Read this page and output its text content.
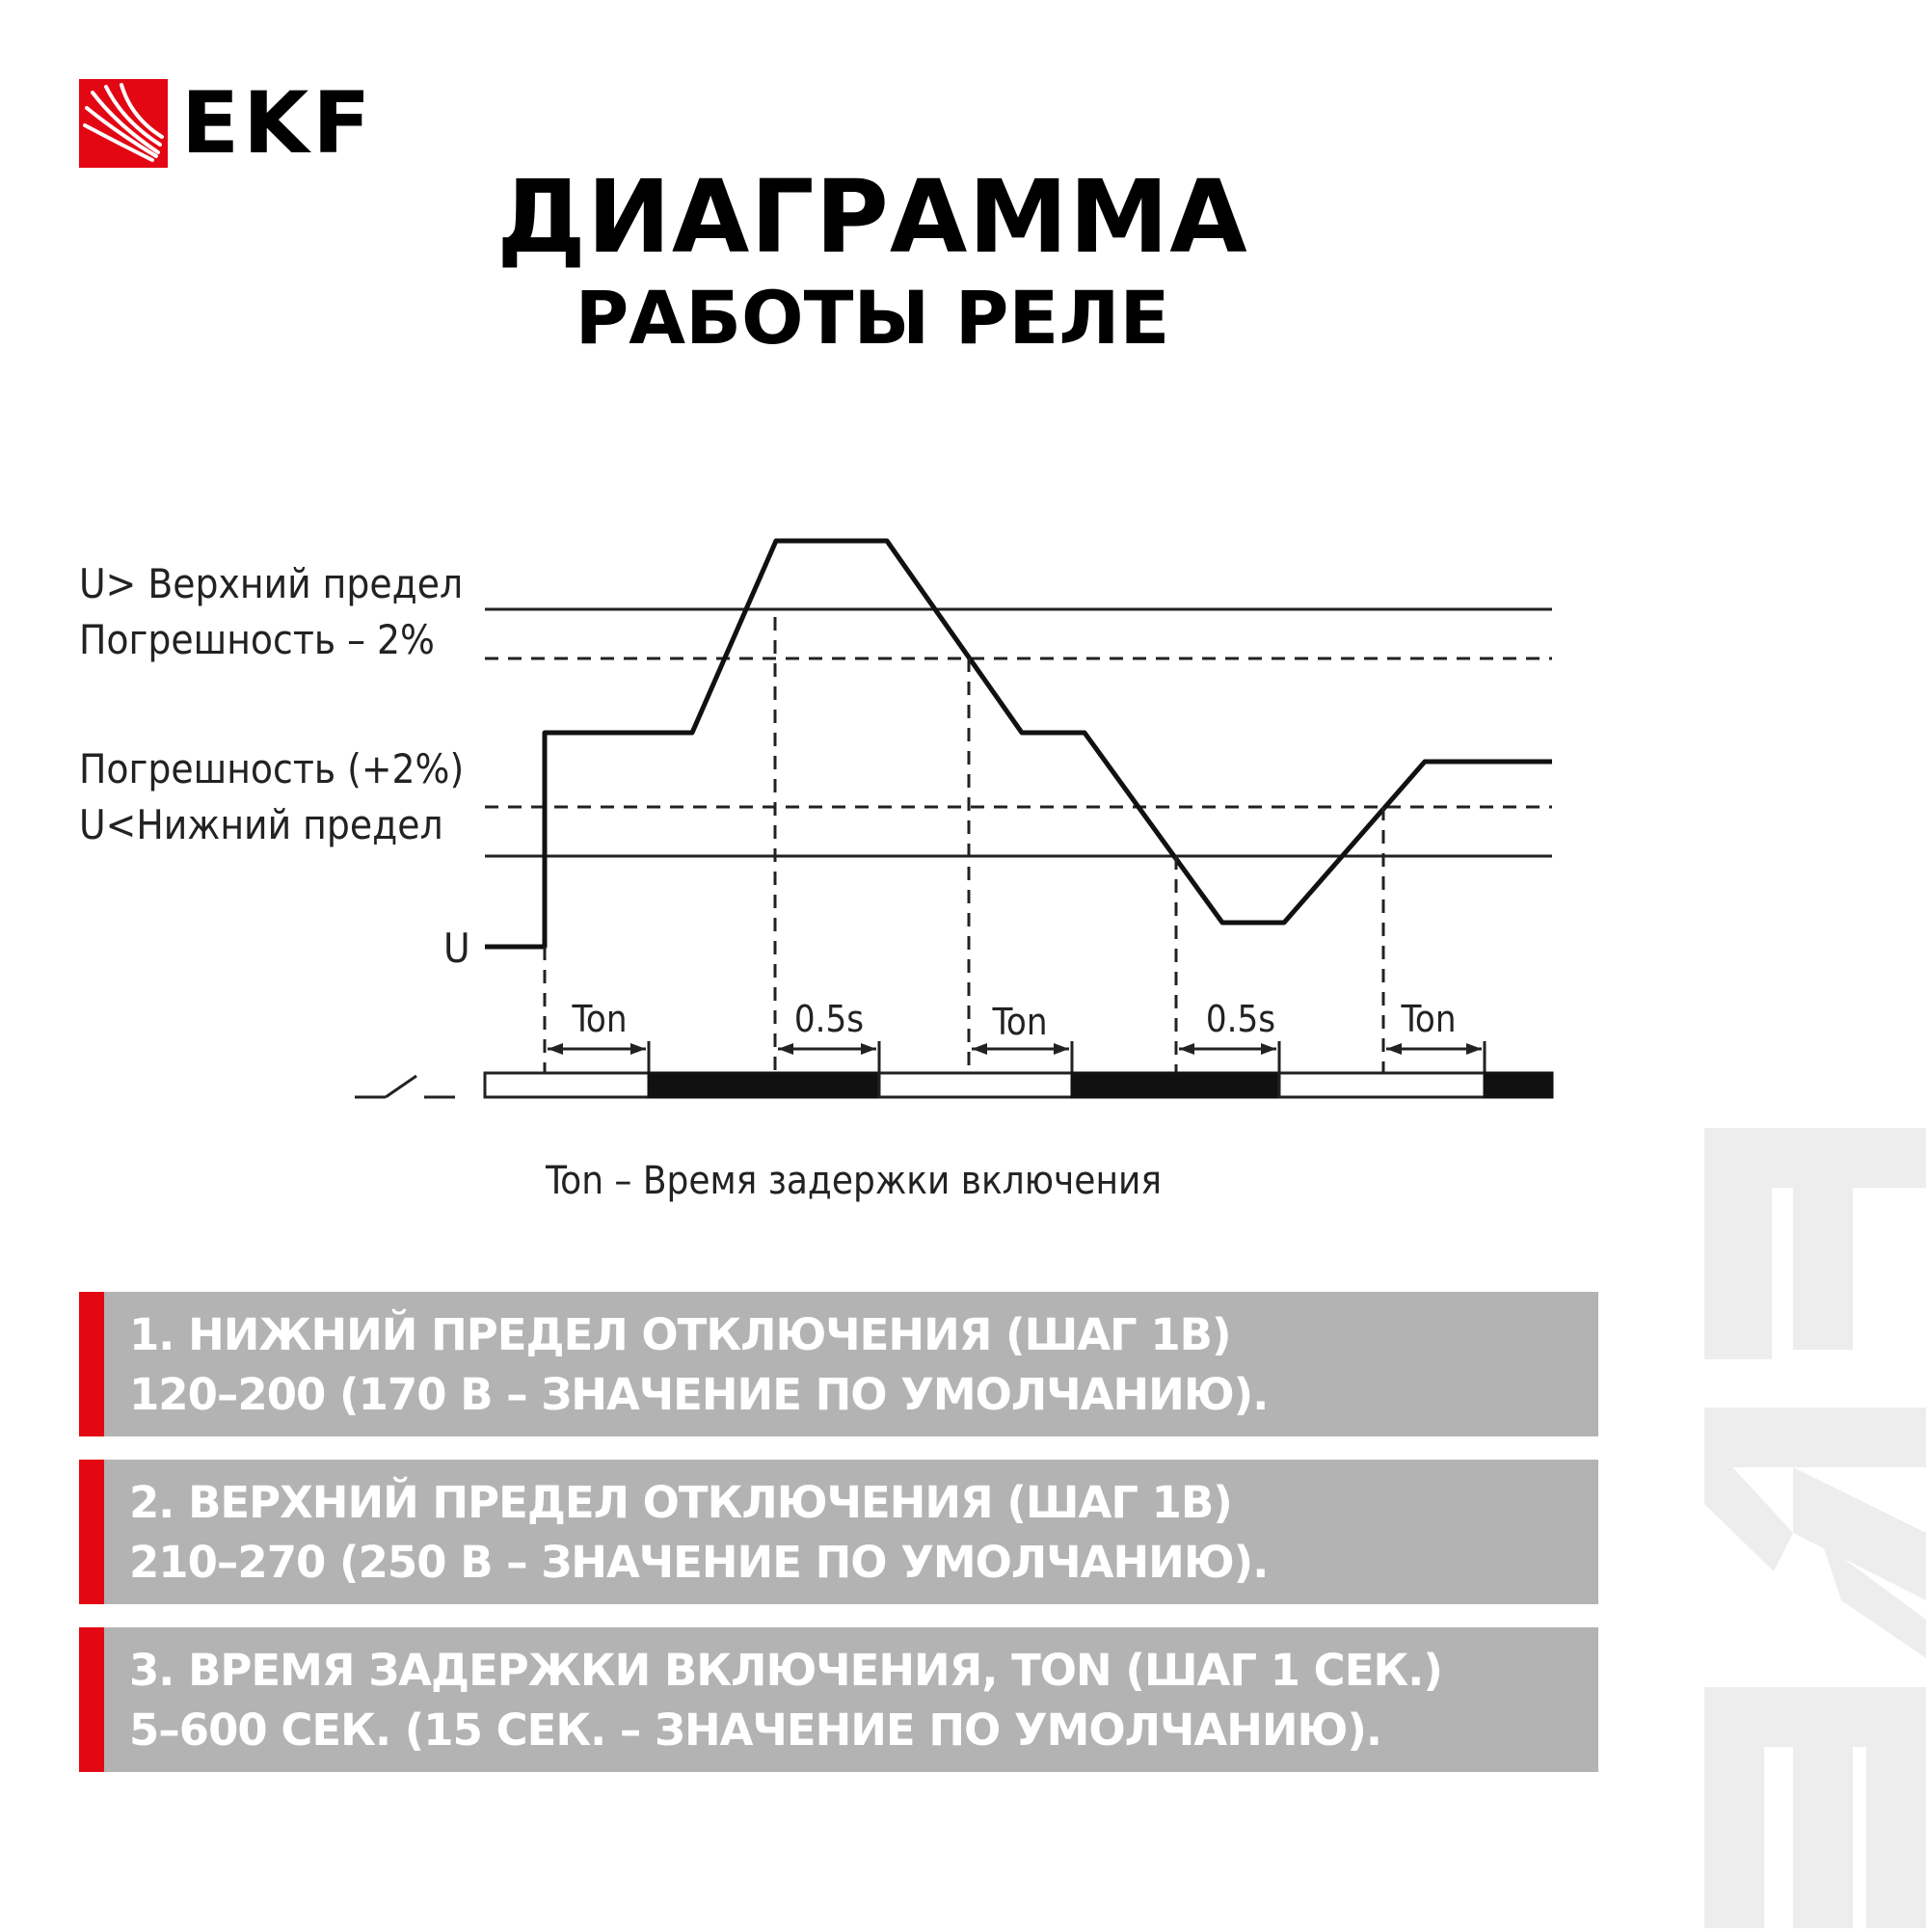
EKF
ДИАГРАММА
РАБОТЫ РЕЛЕ
U> Верхний предел
Погрешность – 2%
Погрешность (+2%)
U<Нижний предел
U
Ton	0.5s	Ton	0.5s	Ton
Ton – Время задержки включения
1. НИЖНИЙ ПРЕДЕЛ ОТКЛЮЧЕНИЯ (ШАГ 1В)
120–200 (170 В – ЗНАЧЕНИЕ ПО УМОЛЧАНИЮ).
2. ВЕРХНИЙ ПРЕДЕЛ ОТКЛЮЧЕНИЯ (ШАГ 1В)
210–270 (250 В – ЗНАЧЕНИЕ ПО УМОЛЧАНИЮ).
3. ВРЕМЯ ЗАДЕРЖКИ ВКЛЮЧЕНИЯ, TON (ШАГ 1 СЕК.)
5–600 СЕК. (15 СЕК. – ЗНАЧЕНИЕ ПО УМОЛЧАНИЮ).
